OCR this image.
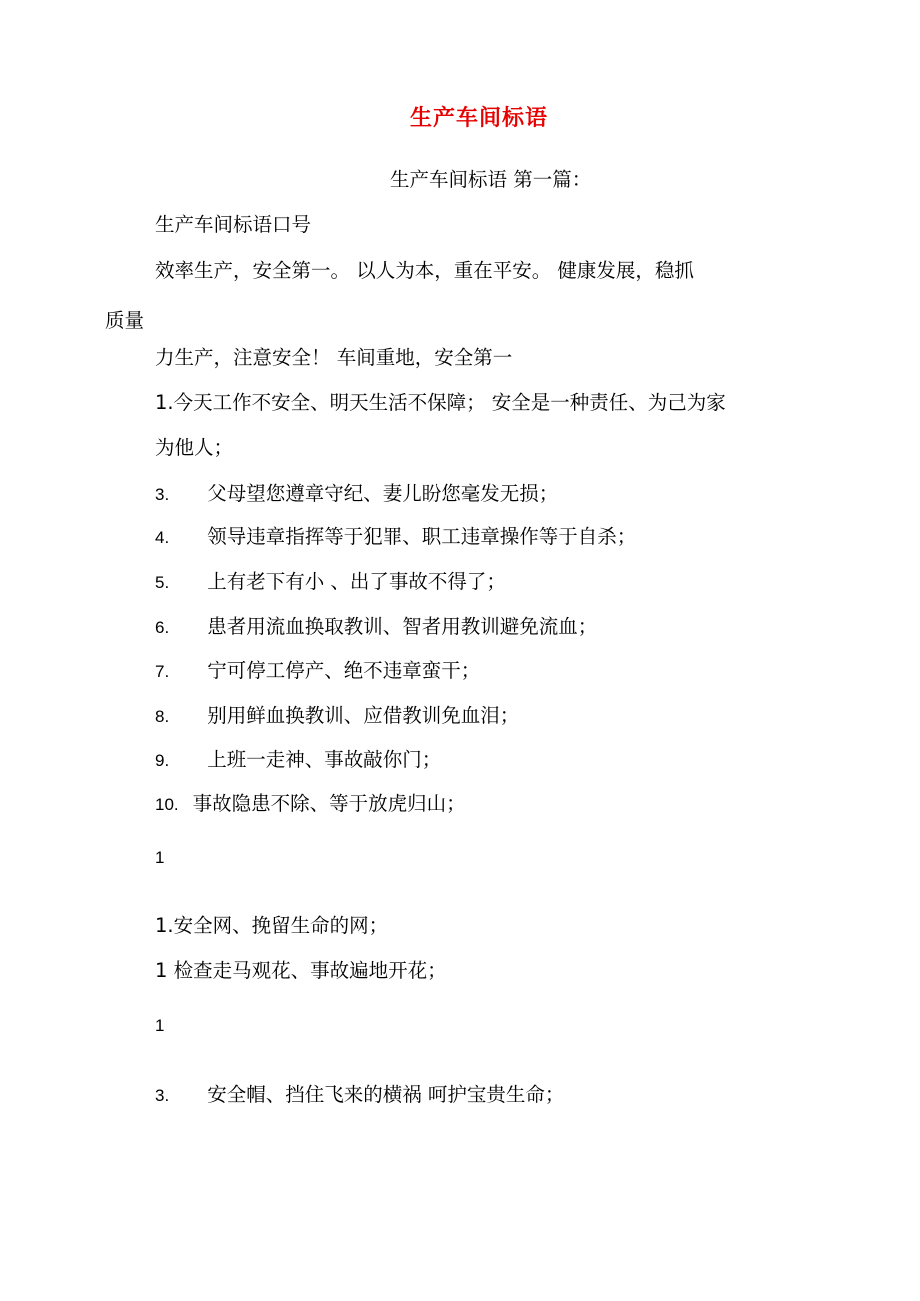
生产车间标语
生产车间标语 第一篇：
生产车间标语口号
效率生产，安全第一。 以人为本，重在平安。 健康发展，稳抓
质量
力生产，注意安全！ 车间重地，安全第一
1.今天工作不安全、明天生活不保障； 安全是一种责任、为己为家
为他人；
3. 父母望您遵章守纪、妻儿盼您毫发无损；
4. 领导违章指挥等于犯罪、职工违章操作等于自杀；
5. 上有老下有小 、出了事故不得了；
6. 患者用流血换取教训、智者用教训避免流血；
7. 宁可停工停产、绝不违章蛮干；
8. 别用鲜血换教训、应借教训免血泪；
9. 上班一走神、事故敲你门；
10. 事故隐患不除、等于放虎归山；
1
1.安全网、挽留生命的网；
1 检查走马观花、事故遍地开花；
1
3. 安全帽、挡住飞来的横祸 呵护宝贵生命；
